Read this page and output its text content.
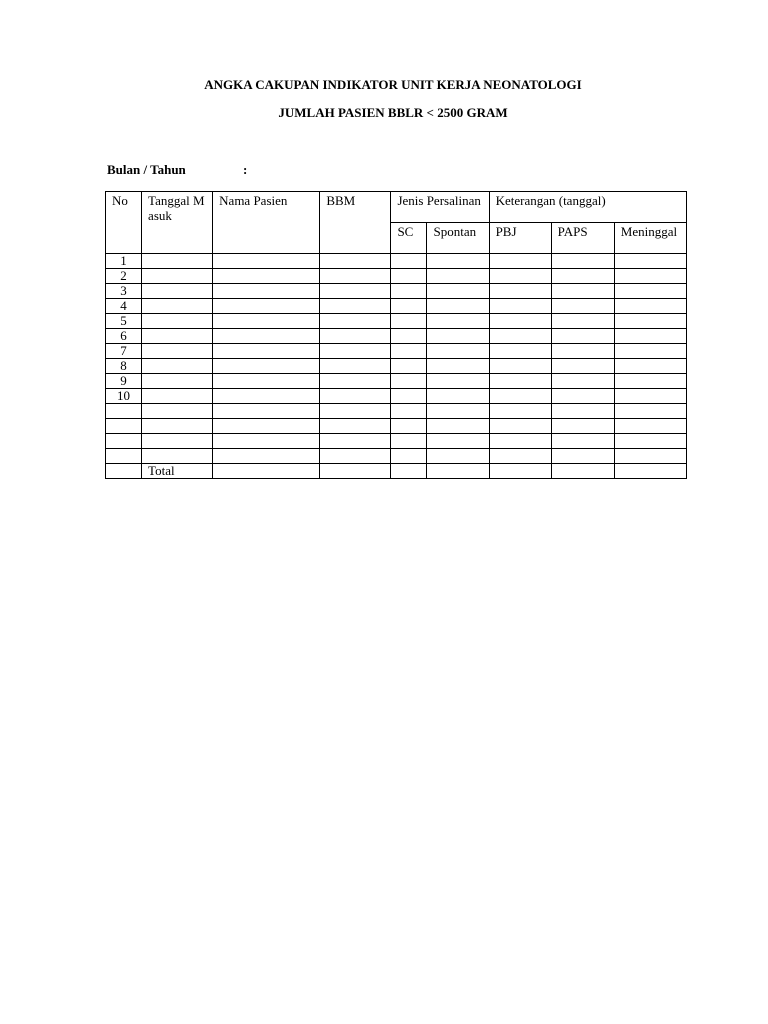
ANGKA CAKUPAN INDIKATOR UNIT KERJA NEONATOLOGI
JUMLAH PASIEN BBLR < 2500 GRAM
Bulan / Tahun	:
No	Tanggal Masuk	Nama Pasien	BBM	Jenis Persalinan		Keterangan (tanggal)		
				SC	Spontan	PBJ	PAPS	Meninggal
1								
2								
3								
4								
5								
6								
7								
8								
9								
10								

	Total							
